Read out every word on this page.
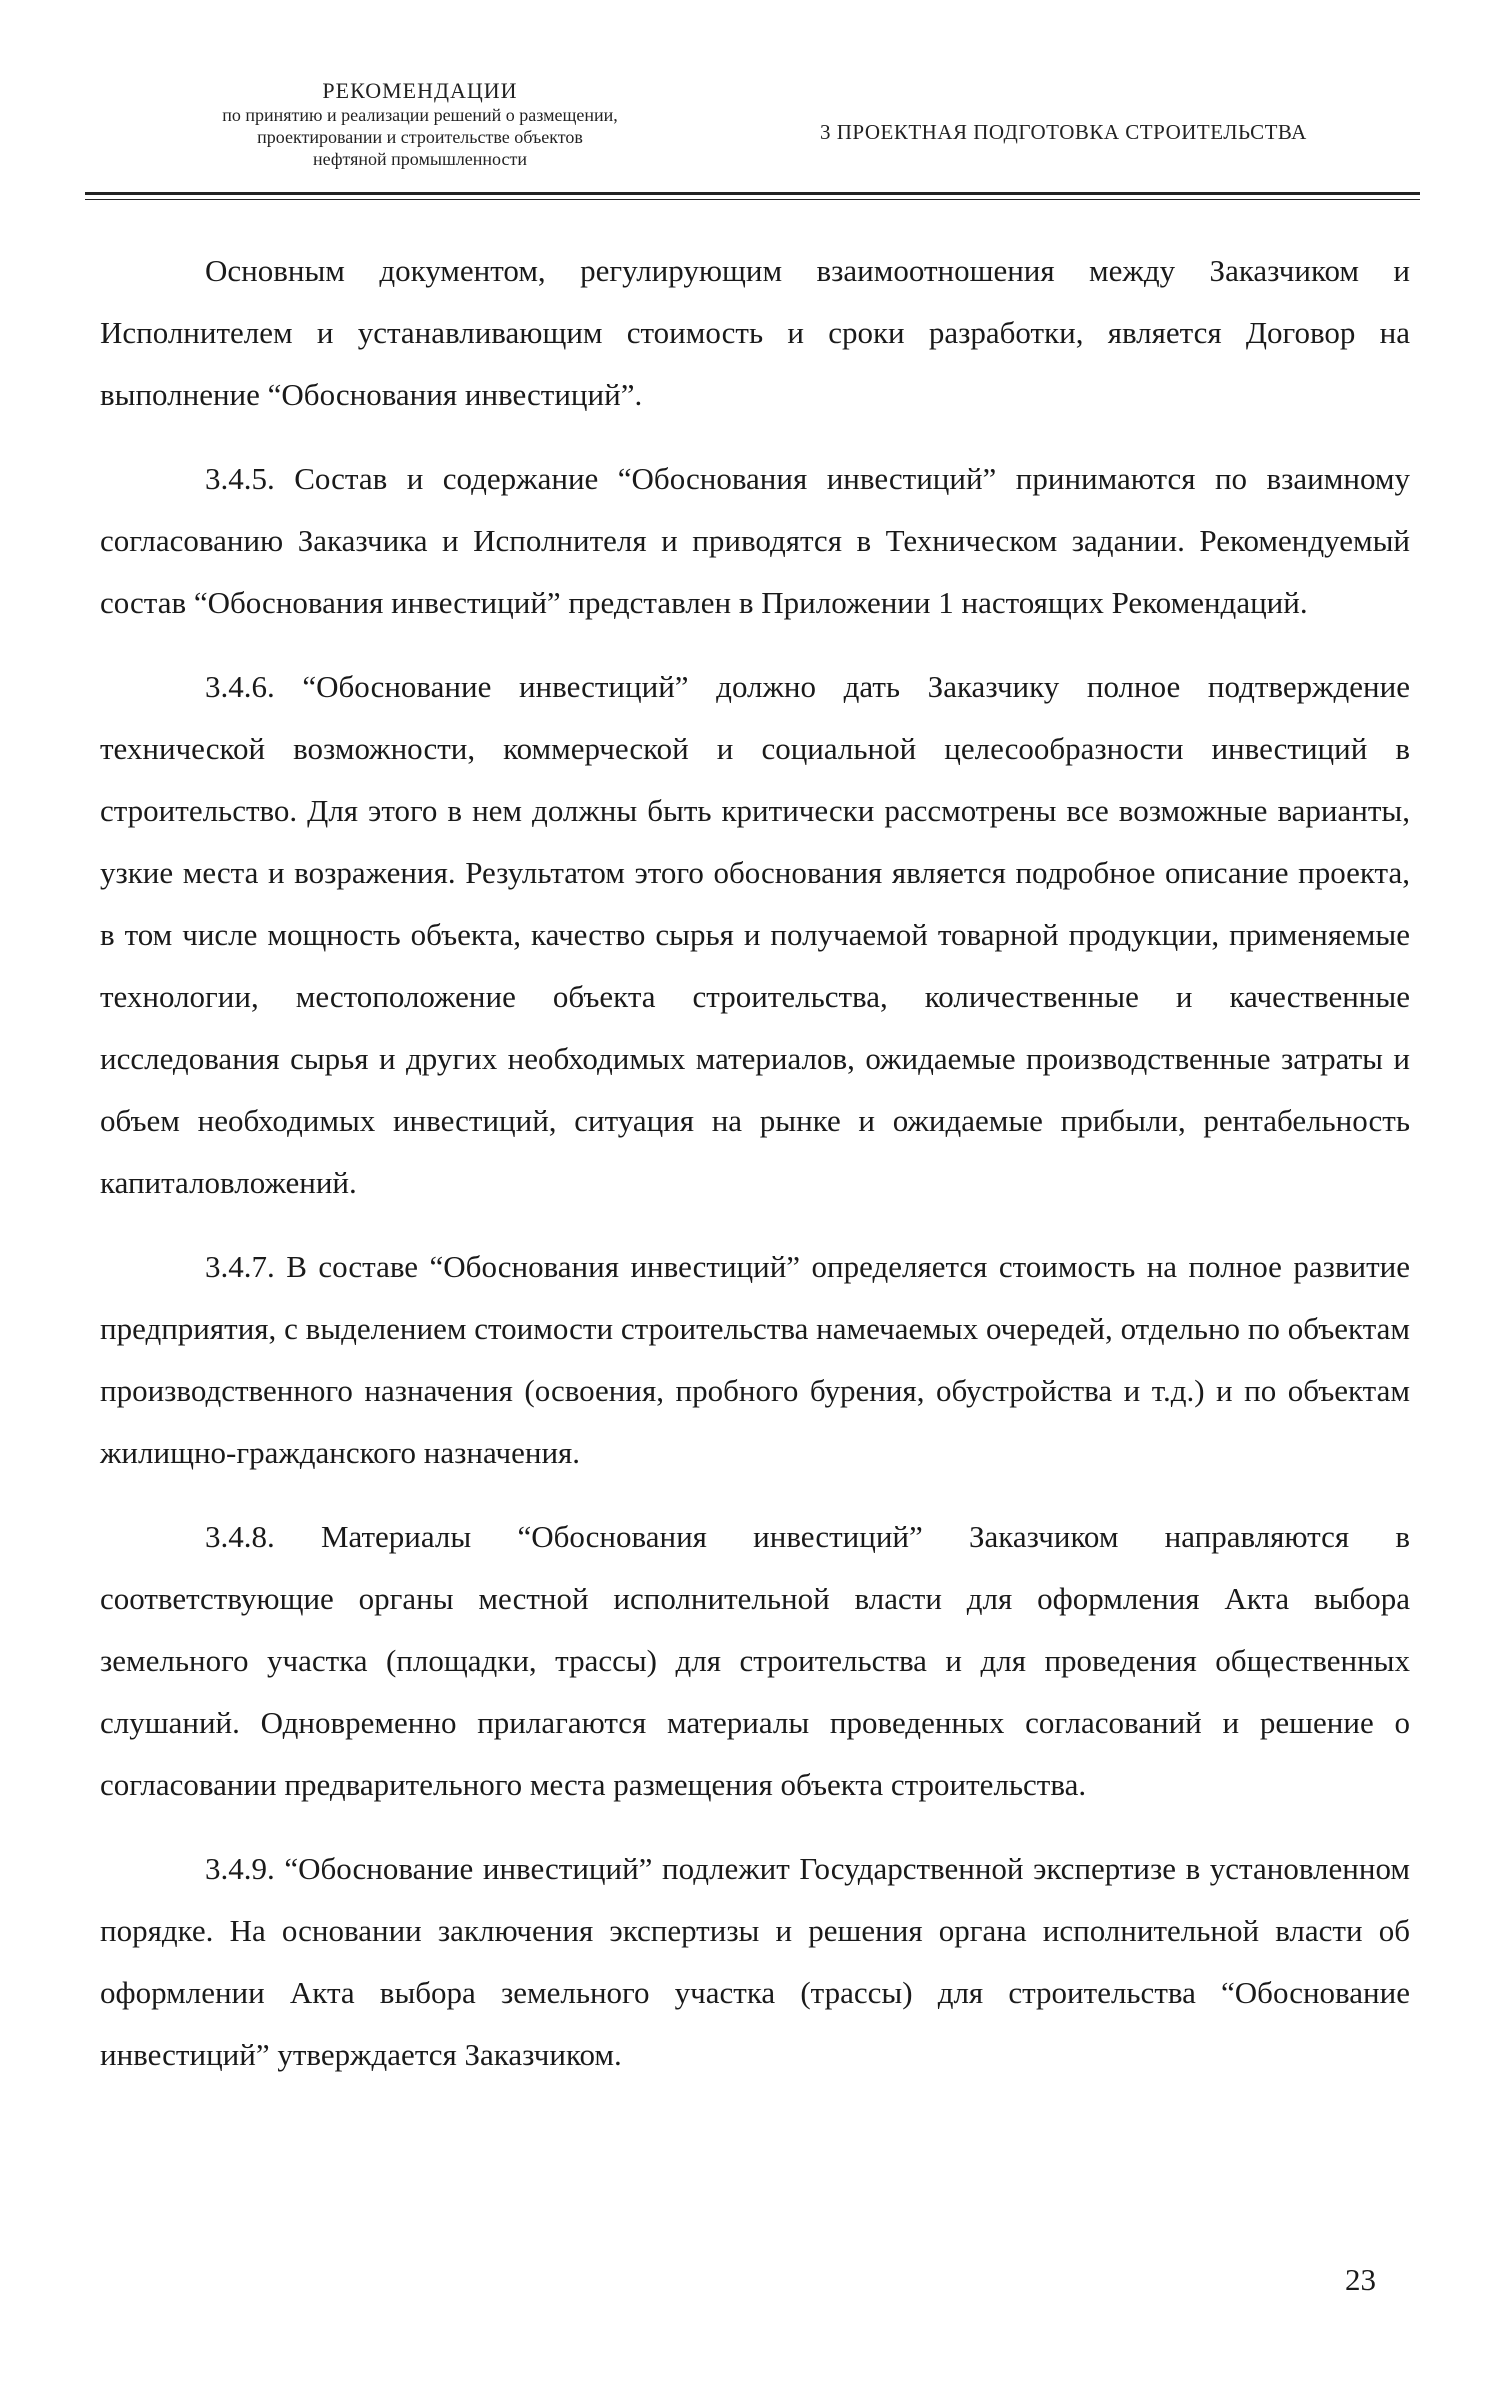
РЕКОМЕНДАЦИИ
по принятию и реализации решений о размещении,
проектировании и строительстве объектов
нефтяной промышленности
3 ПРОЕКТНАЯ ПОДГОТОВКА СТРОИТЕЛЬСТВА

Основным документом, регулирующим взаимоотношения между Заказчиком и Исполнителем и устанавливающим стоимость и сроки разработки, является Договор на выполнение “Обоснования инвестиций”.

3.4.5. Состав и содержание “Обоснования инвестиций” принимаются по взаимному согласованию Заказчика и Исполнителя и приводятся в Техническом задании. Рекомендуемый состав “Обоснования инвестиций” представлен в Приложении 1 настоящих Рекомендаций.

3.4.6. “Обоснование инвестиций” должно дать Заказчику полное подтверждение технической возможности, коммерческой и социальной целесообразности инвестиций в строительство. Для этого в нем должны быть критически рассмотрены все возможные варианты, узкие места и возражения. Результатом этого обоснования является подробное описание проекта, в том числе мощность объекта, качество сырья и получаемой товарной продукции, применяемые технологии, местоположение объекта строительства, количественные и качественные исследования сырья и других необходимых материалов, ожидаемые производственные затраты и объем необходимых инвестиций, ситуация на рынке и ожидаемые прибыли, рентабельность капиталовложений.

3.4.7. В составе “Обоснования инвестиций” определяется стоимость на полное развитие предприятия, с выделением стоимости строительства намечаемых очередей, отдельно по объектам производственного назначения (освоения, пробного бурения, обустройства и т.д.) и по объектам жилищно-гражданского назначения.

3.4.8. Материалы “Обоснования инвестиций” Заказчиком направляются в соответствующие органы местной исполнительной власти для оформления Акта выбора земельного участка (площадки, трассы) для строительства и для проведения общественных слушаний. Одновременно прилагаются материалы проведенных согласований и решение о согласовании предварительного места размещения объекта строительства.

3.4.9. “Обоснование инвестиций” подлежит Государственной экспертизе в установленном порядке. На основании заключения экспертизы и решения органа исполнительной власти об оформлении Акта выбора земельного участка (трассы) для строительства “Обоснование инвестиций” утверждается Заказчиком.

23
